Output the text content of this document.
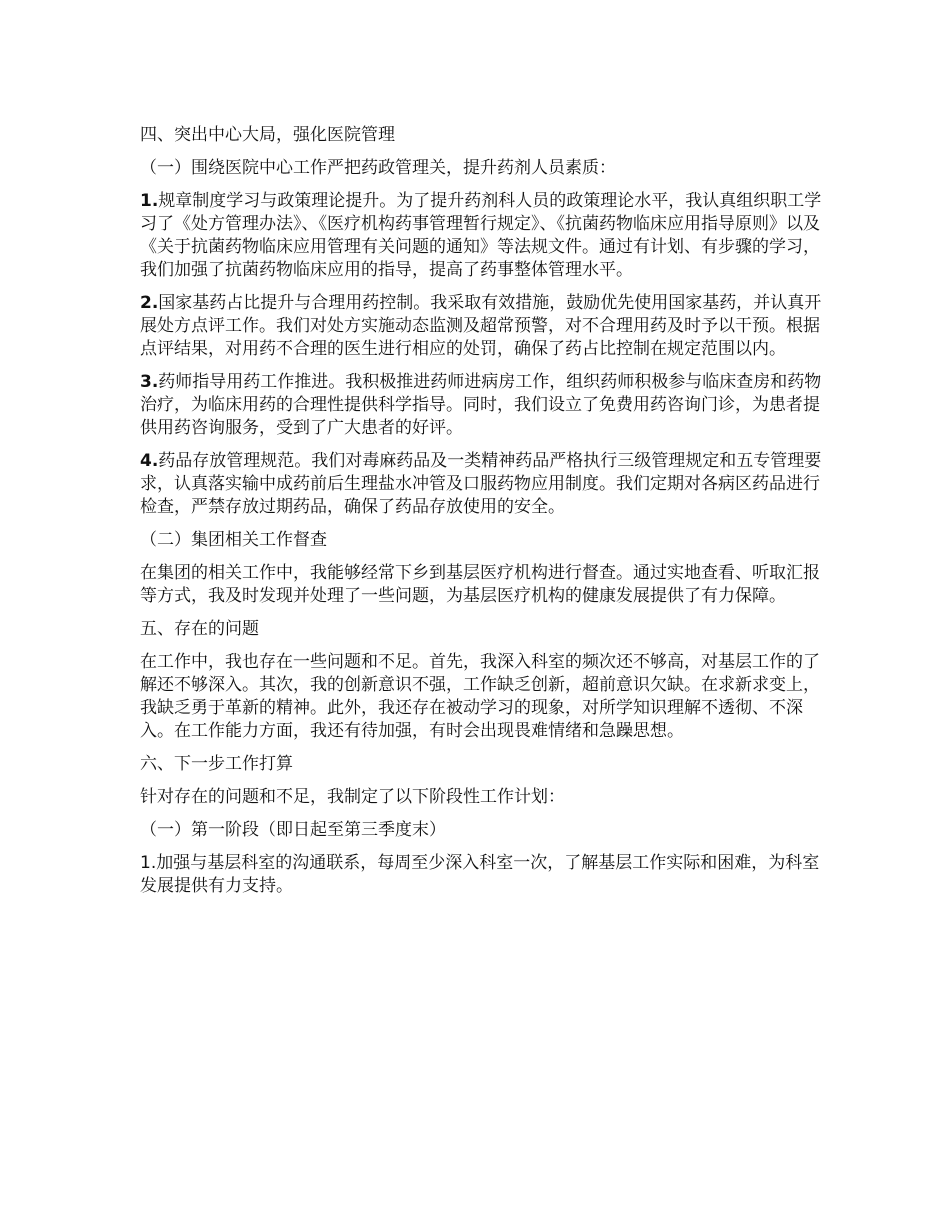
四、突出中心大局，强化医院管理

（一）围绕医院中心工作严把药政管理关，提升药剂人员素质：

1.规章制度学习与政策理论提升。为了提升药剂科人员的政策理论水平，我认真组织职工学习了《处方管理办法》、《医疗机构药事管理暂行规定》、《抗菌药物临床应用指导原则》以及《关于抗菌药物临床应用管理有关问题的通知》等法规文件。通过有计划、有步骤的学习，我们加强了抗菌药物临床应用的指导，提高了药事整体管理水平。

2.国家基药占比提升与合理用药控制。我采取有效措施，鼓励优先使用国家基药，并认真开展处方点评工作。我们对处方实施动态监测及超常预警，对不合理用药及时予以干预。根据点评结果，对用药不合理的医生进行相应的处罚，确保了药占比控制在规定范围以内。

3.药师指导用药工作推进。我积极推进药师进病房工作，组织药师积极参与临床查房和药物治疗，为临床用药的合理性提供科学指导。同时，我们设立了免费用药咨询门诊，为患者提供用药咨询服务，受到了广大患者的好评。

4.药品存放管理规范。我们对毒麻药品及一类精神药品严格执行三级管理规定和五专管理要求，认真落实输中成药前后生理盐水冲管及口服药物应用制度。我们定期对各病区药品进行检查，严禁存放过期药品，确保了药品存放使用的安全。

（二）集团相关工作督查

在集团的相关工作中，我能够经常下乡到基层医疗机构进行督查。通过实地查看、听取汇报等方式，我及时发现并处理了一些问题，为基层医疗机构的健康发展提供了有力保障。

五、存在的问题

在工作中，我也存在一些问题和不足。首先，我深入科室的频次还不够高，对基层工作的了解还不够深入。其次，我的创新意识不强，工作缺乏创新，超前意识欠缺。在求新求变上，我缺乏勇于革新的精神。此外，我还存在被动学习的现象，对所学知识理解不透彻、不深入。在工作能力方面，我还有待加强，有时会出现畏难情绪和急躁思想。

六、下一步工作打算

针对存在的问题和不足，我制定了以下阶段性工作计划：

（一）第一阶段（即日起至第三季度末）

1.加强与基层科室的沟通联系，每周至少深入科室一次，了解基层工作实际和困难，为科室发展提供有力支持。
